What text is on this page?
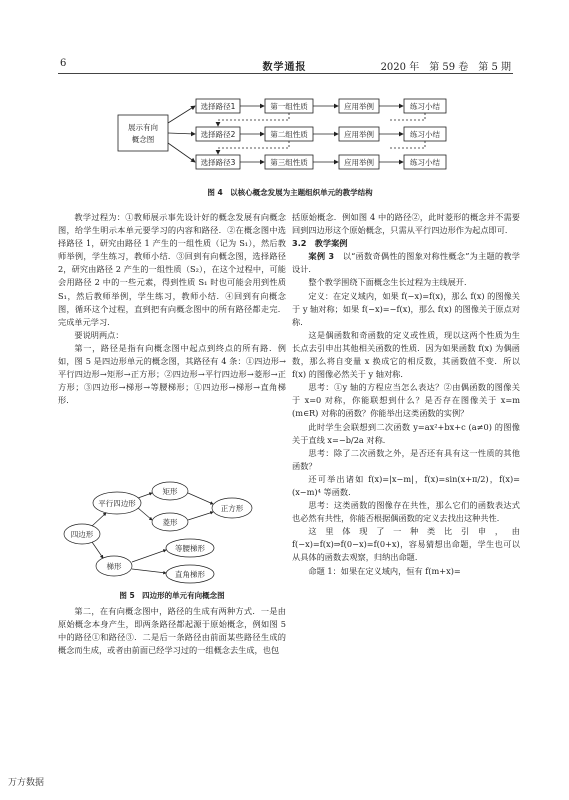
6	数学通报	2020 年　第 59 卷　第 5 期
展示有向
概念图
选择路径1
选择路径2
选择路径3
第一组性质
第二组性质
第三组性质
应用举例
应用举例
应用举例
练习小结
练习小结
练习小结
图 4　以核心概念发展为主题组织单元的教学结构

教学过程为：①教师展示事先设计好的概念发展有向概念图，给学生明示本单元要学习的内容和路径．②在概念图中选择路径 1，研究由路径 1 产生的一组性质（记为 S₁），然后教师举例，学生练习，教师小结．③回到有向概念图，选择路径 2，研究由路径 2 产生的一组性质（S₂），在这个过程中，可能会用路径 2 中的一些元素，得到性质 S₁ 时也可能会用到性质 S₁，然后教师举例，学生练习，教师小结．④回到有向概念图，循环这个过程，直到把有向概念图中的所有路径都走完．完成单元学习．

要说明两点：

第一，路径是指有向概念图中起点到终点的所有路．例如，图 5 是四边形单元的概念图，其路径有 4 条：①四边形→平行四边形→矩形→正方形；②四边形→平行四边形→菱形→正方形；③四边形→梯形→等腰梯形；①四边形→梯形→直角梯形．

四边形
平行四边形
梯形
矩形
菱形
正方形
等腰梯形
直角梯形
图 5　四边形的单元有向概念图

第二，在有向概念图中，路径的生成有两种方式．一是由原始概念本身产生，即两条路径都起源于原始概念，例如图 5 中的路径①和路径③．二是后一条路径由前面某些路径生成的概念而生成，或者由前面已经学习过的一组概念去生成，也包

括原始概念．例如图 4 中的路径②，此时菱形的概念并不需要回到四边形这个原始概念，只需从平行四边形作为起点即可．

3.2　教学案例

案例 3　 以“函数奇偶性的图象对称性概念”为主题的教学设计．

整个教学围绕下面概念生长过程为主线展开．

定义：在定义域内，如果 f(−x)=f(x)，那么 f(x) 的图像关于 y 轴对称；如果 f(−x)=−f(x)，那么 f(x) 的图像关于原点对称．

这是偶函数和奇函数的定义或性质，现以这两个性质为生长点去引申出其他相关函数的性质．因为如果函数 f(x) 为偶函数，那么将自变量 x 换成它的相反数，其函数值不变．所以 f(x) 的图像必然关于 y 轴对称．

思考：①y 轴的方程应当怎么表达？②由偶函数的图像关于 x=0 对称，你能联想到什么？是否存在图像关于 x=m (m∈R) 对称的函数？你能举出这类函数的实例？

此时学生会联想到二次函数 y=ax²+bx+c (a≠0) 的图像关于直线 x=−b/2a 对称．

思考：除了二次函数之外，是否还有具有这一性质的其他函数？

还可举出诸如 f(x)=|x−m|，f(x)=sin(x+π/2)，f(x)=(x−m)⁴ 等函数．

思考：这类函数的图像存在共性，那么它们的函数表达式也必然有共性，你能否根据偶函数的定义去找出这种共性．

这里体现了一种类比引申，由 f(−x)=f(x)⇒f(0−x)=f(0+x)，容易猜想出命题，学生也可以从具体的函数去观察，归纳出命题．

命题 1：如果在定义域内，恒有 f(m+x)=

万方数据
